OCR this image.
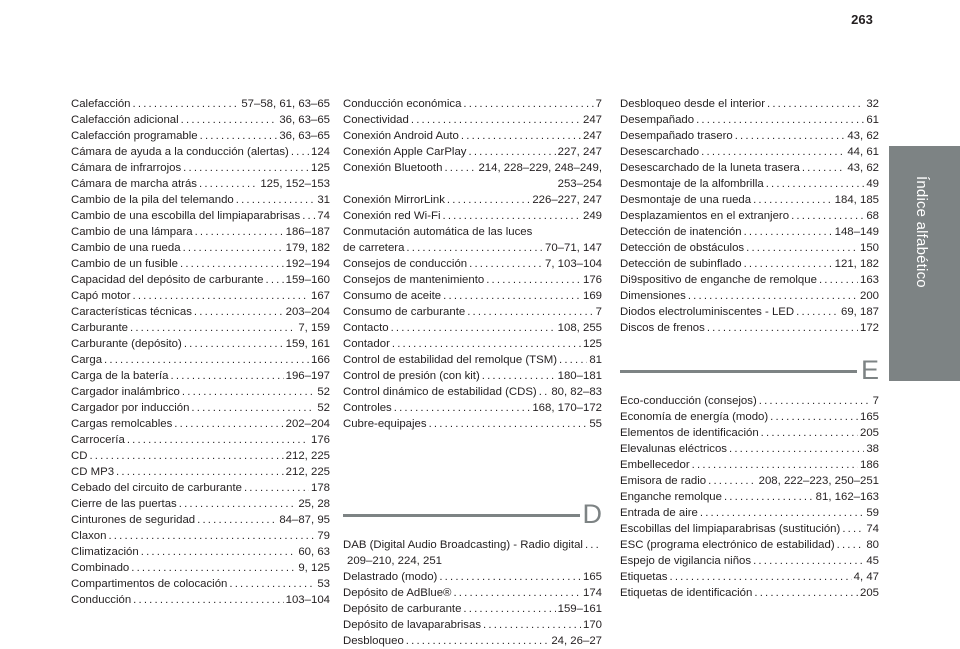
263
Índice alfabético
Calefacción . . .	57–58, 61, 63–65
Calefacción adicional . . .	36, 63–65
Calefacción programable . . .	36, 63–65
Cámara de ayuda a la conducción (alertas) . . . 124
Cámara de infrarrojos . . .	125
Cámara de marcha atrás . . .	125, 152–153
Cambio de la pila del telemando . . .	31
Cambio de una escobilla del limpiaparabrisas . . . 74
Cambio de una lámpara . . .	186–187
Cambio de una rueda . . .	179, 182
Cambio de un fusible . . .	192–194
Capacidad del depósito de carburante . . . 159–160
Capó motor . . .	167
Características técnicas . . .	203–204
Carburante . . .	7, 159
Carburante (depósito) . . .	159, 161
Carga . . .	166
Carga de la batería . . .	196–197
Cargador inalámbrico . . .	52
Cargador por inducción . . .	52
Cargas remolcables . . .	202–204
Carrocería . . .	176
CD . . .	212, 225
CD MP3 . . .	212, 225
Cebado del circuito de carburante . . .	178
Cierre de las puertas . . .	25, 28
Cinturones de seguridad . . .	84–87, 95
Claxon . . .	79
Climatización . . .	60, 63
Combinado . . .	9, 125
Compartimentos de colocación . . .	53
Conducción . . .	103–104
Conducción económica . . .	7
Conectividad . . .	247
Conexión Android Auto . . .	247
Conexión Apple CarPlay . . .	227, 247
Conexión Bluetooth . . .	214, 228–229, 248–249,
253–254
Conexión MirrorLink . . .	226–227, 247
Conexión red Wi-Fi . . .	249
Conmutación automática de las luces
de carretera . . .	70–71, 147
Consejos de conducción . . .	7, 103–104
Consejos de mantenimiento . . .	176
Consumo de aceite . . .	169
Consumo de carburante . . .	7
Contacto . . .	108, 255
Contador . . .	125
Control de estabilidad del remolque (TSM) . . .	81
Control de presión (con kit) . . .	180–181
Control dinámico de estabilidad (CDS) . . . 80, 82–83
Controles . . .	168, 170–172
Cubre-equipajes . . .	55
D
DAB (Digital Audio Broadcasting) - Radio digital
. . .
209–210, 224, 251
Delastrado (modo) . . .	165
Depósito de AdBlue® . . .	174
Depósito de carburante . . .	159–161
Depósito de lavaparabrisas . . .	170
Desbloqueo . . .	24, 26–27
Desbloqueo desde el interior . . .	32
Desempañado . . .	61
Desempañado trasero . . .	43, 62
Desescarchado . . .	44, 61
Desescarchado de la luneta trasera . . .	43, 62
Desmontaje de la alfombrilla . . .	49
Desmontaje de una rueda . . .	184, 185
Desplazamientos en el extranjero . . .	68
Detección de inatención . . .	148–149
Detección de obstáculos . . .	150
Detección de subinflado . . .	121, 182
Di9spositivo de enganche de remolque . . .	163
Dimensiones . . .	200
Diodos electroluminiscentes - LED . . .	69, 187
Discos de frenos . . .	172
E
Eco-conducción (consejos) . . .	7
Economía de energía (modo) . . .	165
Elementos de identificación . . .	205
Elevalunas eléctricos . . .	38
Embellecedor . . .	186
Emisora de radio . . .	208, 222–223, 250–251
Enganche remolque . . .	81, 162–163
Entrada de aire . . .	59
Escobillas del limpiaparabrisas (sustitución) . . . 74
ESC (programa electrónico de estabilidad) . . .	80
Espejo de vigilancia niños . . .	45
Etiquetas . . .	4, 47
Etiquetas de identificación . . .	205
